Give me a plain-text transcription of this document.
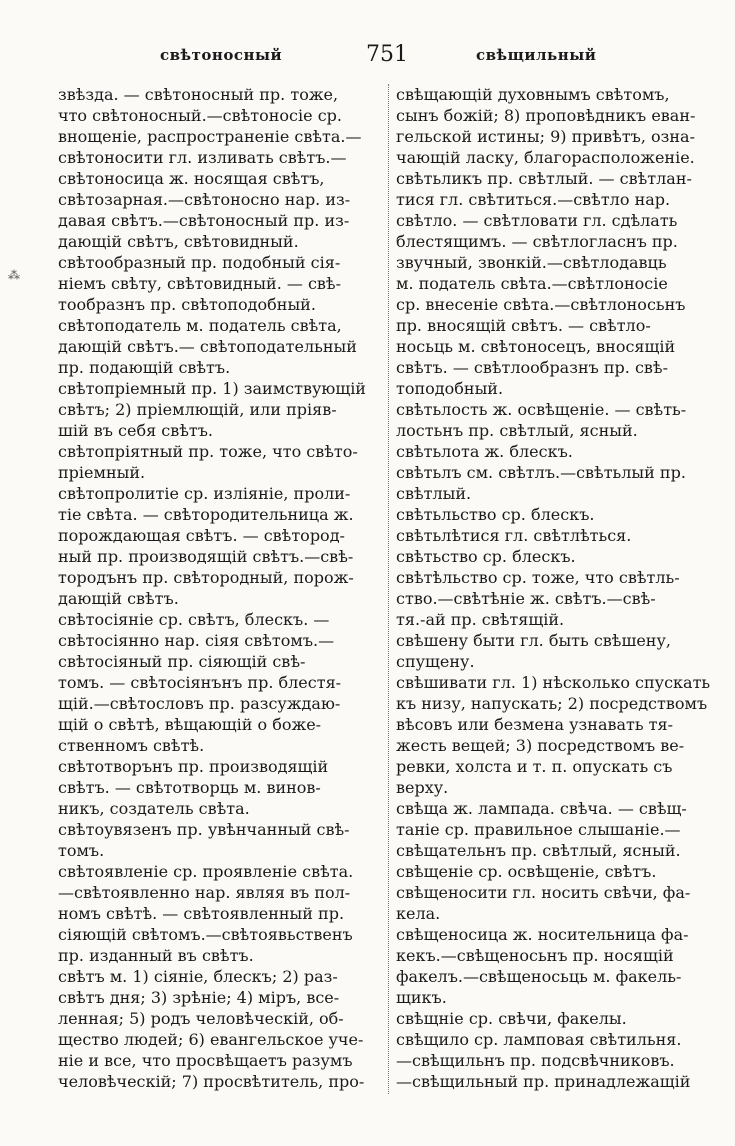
свѣтоносный	751	свѣщильный
⁂
звѣзда. — свѣтоносный пр. тоже,
что свѣтоносный.—свѣтоносіе ср.
внощеніе, распространеніе свѣта.—
свѣтоносити гл. изливать свѣтъ.—
свѣтоносица ж. носящая свѣтъ,
свѣтозарная.—свѣтоносно нар. из-
давая свѣтъ.—свѣтоносный пр. из-
дающій свѣтъ, свѣтовидный.
свѣтообразный пр. подобный сія-
ніемъ свѣту, свѣтовидный. — свѣ-
тообразнъ пр. свѣтоподобный.
свѣтоподатель м. податель свѣта,
дающій свѣтъ.— свѣтоподательный
пр. подающій свѣтъ.
свѣтопріемный пр. 1) заимствующій
свѣтъ; 2) пріемлющій, или пріяв-
шій въ себя свѣтъ.
свѣтопріятный пр. тоже, что свѣто-
пріемный.
свѣтопролитіе ср. изліяніе, проли-
тіе свѣта. — свѣтородительница ж.
порождающая свѣтъ. — свѣтород-
ный пр. производящій свѣтъ.—свѣ-
тородънъ пр. свѣтородный, порож-
дающій свѣтъ.
свѣтосіяніе ср. свѣтъ, блескъ. —
свѣтосіянно нар. сіяя свѣтомъ.—
свѣтосіяный пр. сіяющій свѣ-
томъ. — свѣтосіянънъ пр. блестя-
щій.—свѣтословъ пр. разсуждаю-
щій о свѣтѣ, вѣщающій о боже-
ственномъ свѣтѣ.
свѣтотворънъ пр. производящій
свѣтъ. — свѣтотворць м. винов-
никъ, создатель свѣта.
свѣтоувязенъ пр. увѣнчанный свѣ-
томъ.
свѣтоявленіе ср. проявленіе свѣта.
—свѣтоявленно нар. являя въ пол-
номъ свѣтѣ. — свѣтоявленный пр.
сіяющій свѣтомъ.—свѣтоявьственъ
пр. изданный въ свѣтъ.
свѣтъ м. 1) сіяніе, блескъ; 2) раз-
свѣтъ дня; 3) зрѣніе; 4) міръ, все-
ленная; 5) родъ человѣческій, об-
щество людей; 6) евангельское уче-
ніе и все, что просвѣщаетъ разумъ
человѣческій; 7) просвѣтитель, про-
свѣщающій духовнымъ свѣтомъ,
сынъ божій; 8) проповѣдникъ еван-
гельской истины; 9) привѣтъ, озна-
чающій ласку, благорасположеніе.
свѣтьликъ пр. свѣтлый. — свѣтлан-
тися гл. свѣтиться.—свѣтло нар.
свѣтло. — свѣтловати гл. сдѣлать
блестящимъ. — свѣтлогласнъ пр.
звучный, звонкій.—свѣтлодавць
м. податель свѣта.—свѣтлоносіе
ср. внесеніе свѣта.—свѣтлоносьнъ
пр. вносящій свѣтъ. — свѣтло-
носьць м. свѣтоносецъ, вносящій
свѣтъ. — свѣтлообразнъ пр. свѣ-
топодобный.
свѣтьлость ж. освѣщеніе. — свѣть-
лостьнъ пр. свѣтлый, ясный.
свѣтьлота ж. блескъ.
свѣтьлъ см. свѣтлъ.—свѣтьлый пр.
свѣтлый.
свѣтьльство ср. блескъ.
свѣтьлѣтися гл. свѣтлѣться.
свѣтьство ср. блескъ.
свѣтѣльство ср. тоже, что свѣтль-
ство.—свѣтѣніе ж. свѣтъ.—свѣ-
тя.-ай пр. свѣтящій.
свѣшену быти гл. быть свѣшену,
спущену.
свѣшивати гл. 1) нѣсколько спускать
къ низу, напускать; 2) посредствомъ
вѣсовъ или безмена узнавать тя-
жесть вещей; 3) посредствомъ ве-
ревки, холста и т. п. опускать съ
верху.
свѣща ж. лампада. свѣча. — свѣщ-
таніе ср. правильное слышаніе.—
свѣщательнъ пр. свѣтлый, ясный.
свѣщеніе ср. освѣщеніе, свѣтъ.
свѣщеносити гл. носить свѣчи, фа-
кела.
свѣщеносица ж. носительница фа-
кекъ.—свѣщеносьнъ пр. носящій
факелъ.—свѣщеносьць м. факель-
щикъ.
свѣщніе ср. свѣчи, факелы.
свѣщило ср. ламповая свѣтильня.
—свѣщильнъ пр. подсвѣчниковъ.
—свѣщильный пр. принадлежащій
